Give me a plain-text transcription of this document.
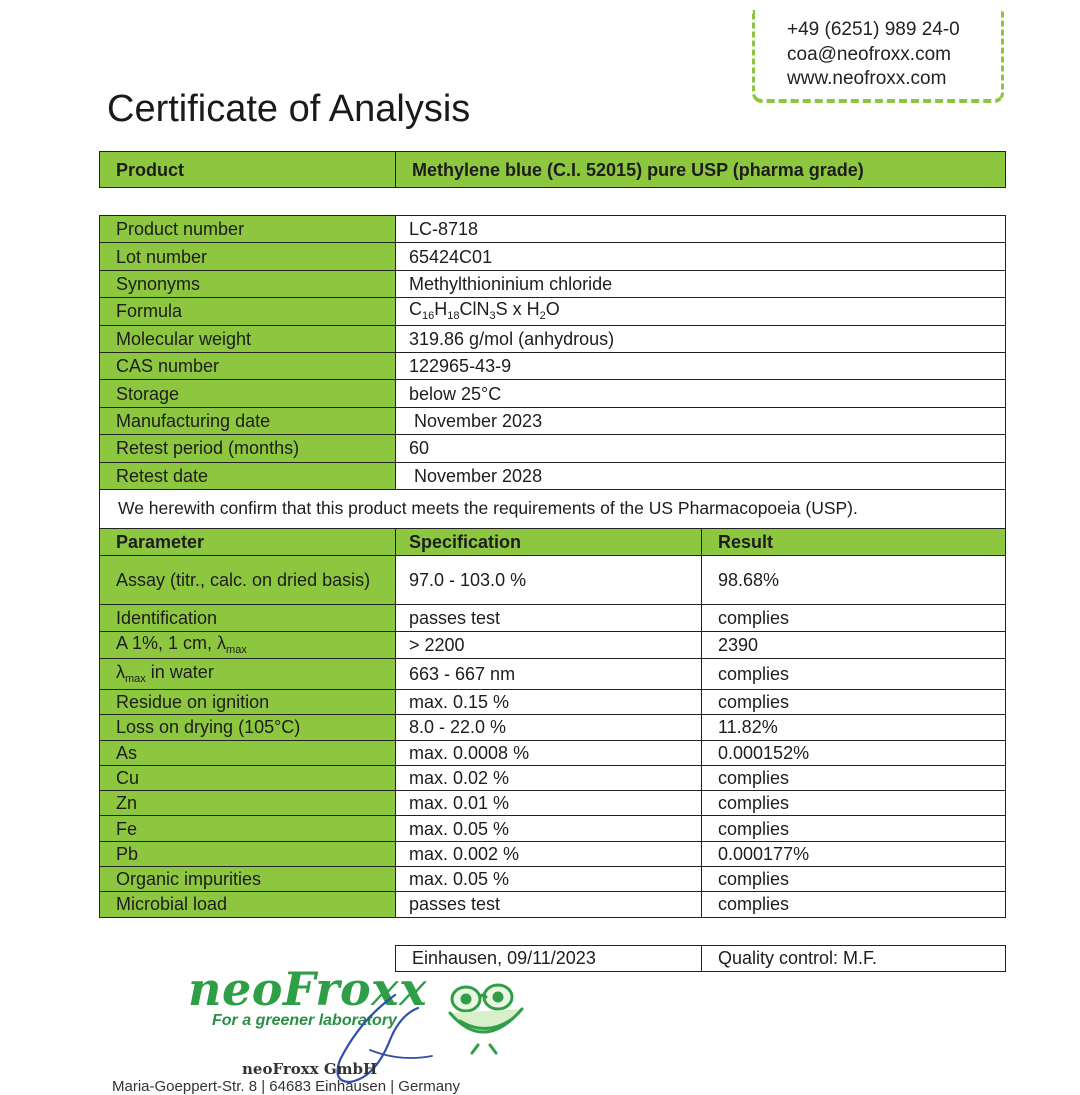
+49 (6251) 989 24-0
coa@neofroxx.com
www.neofroxx.com
Certificate of Analysis
Product	Methylene blue (C.I. 52015) pure USP (pharma grade)
Product number	LC-8718	
Lot number	65424C01	
Synonyms	Methylthioninium chloride	
Formula	$C_{16}H_{18}ClN_3S$ x $H_2O$	
Molecular weight	319.86 g/mol (anhydrous)	
CAS number	122965-43-9	
Storage	below 25°C	
Manufacturing date	November 2023	
Retest period (months)	60	
Retest date	November 2028	
We herewith confirm that this product meets the requirements of the US Pharmacopoeia (USP).		
Parameter	Specification	Result
Assay (titr., calc. on dried basis)	97.0 - 103.0 %	98.68%
Identification	passes test	complies
A 1%, 1 cm, $\lambda_{max}$	> 2200	2390
$\lambda_{max}$ in water	663 - 667 nm	complies
Residue on ignition	max. 0.15 %	complies
Loss on drying (105°C)	8.0 - 22.0 %	11.82%
As	max. 0.0008 %	0.000152%
Cu	max. 0.02 %	complies
Zn	max. 0.01 %	complies
Fe	max. 0.05 %	complies
Pb	max. 0.002 %	0.000177%
Organic impurities	max. 0.05 %	complies
Microbial load	passes test	complies
Einhausen, 09/11/2023	Quality control: M.F.
neoFroxx
For a greener laboratory
neoFroxx GmbH
Maria-Goeppert-Str. 8 | 64683 Einhausen | Germany
